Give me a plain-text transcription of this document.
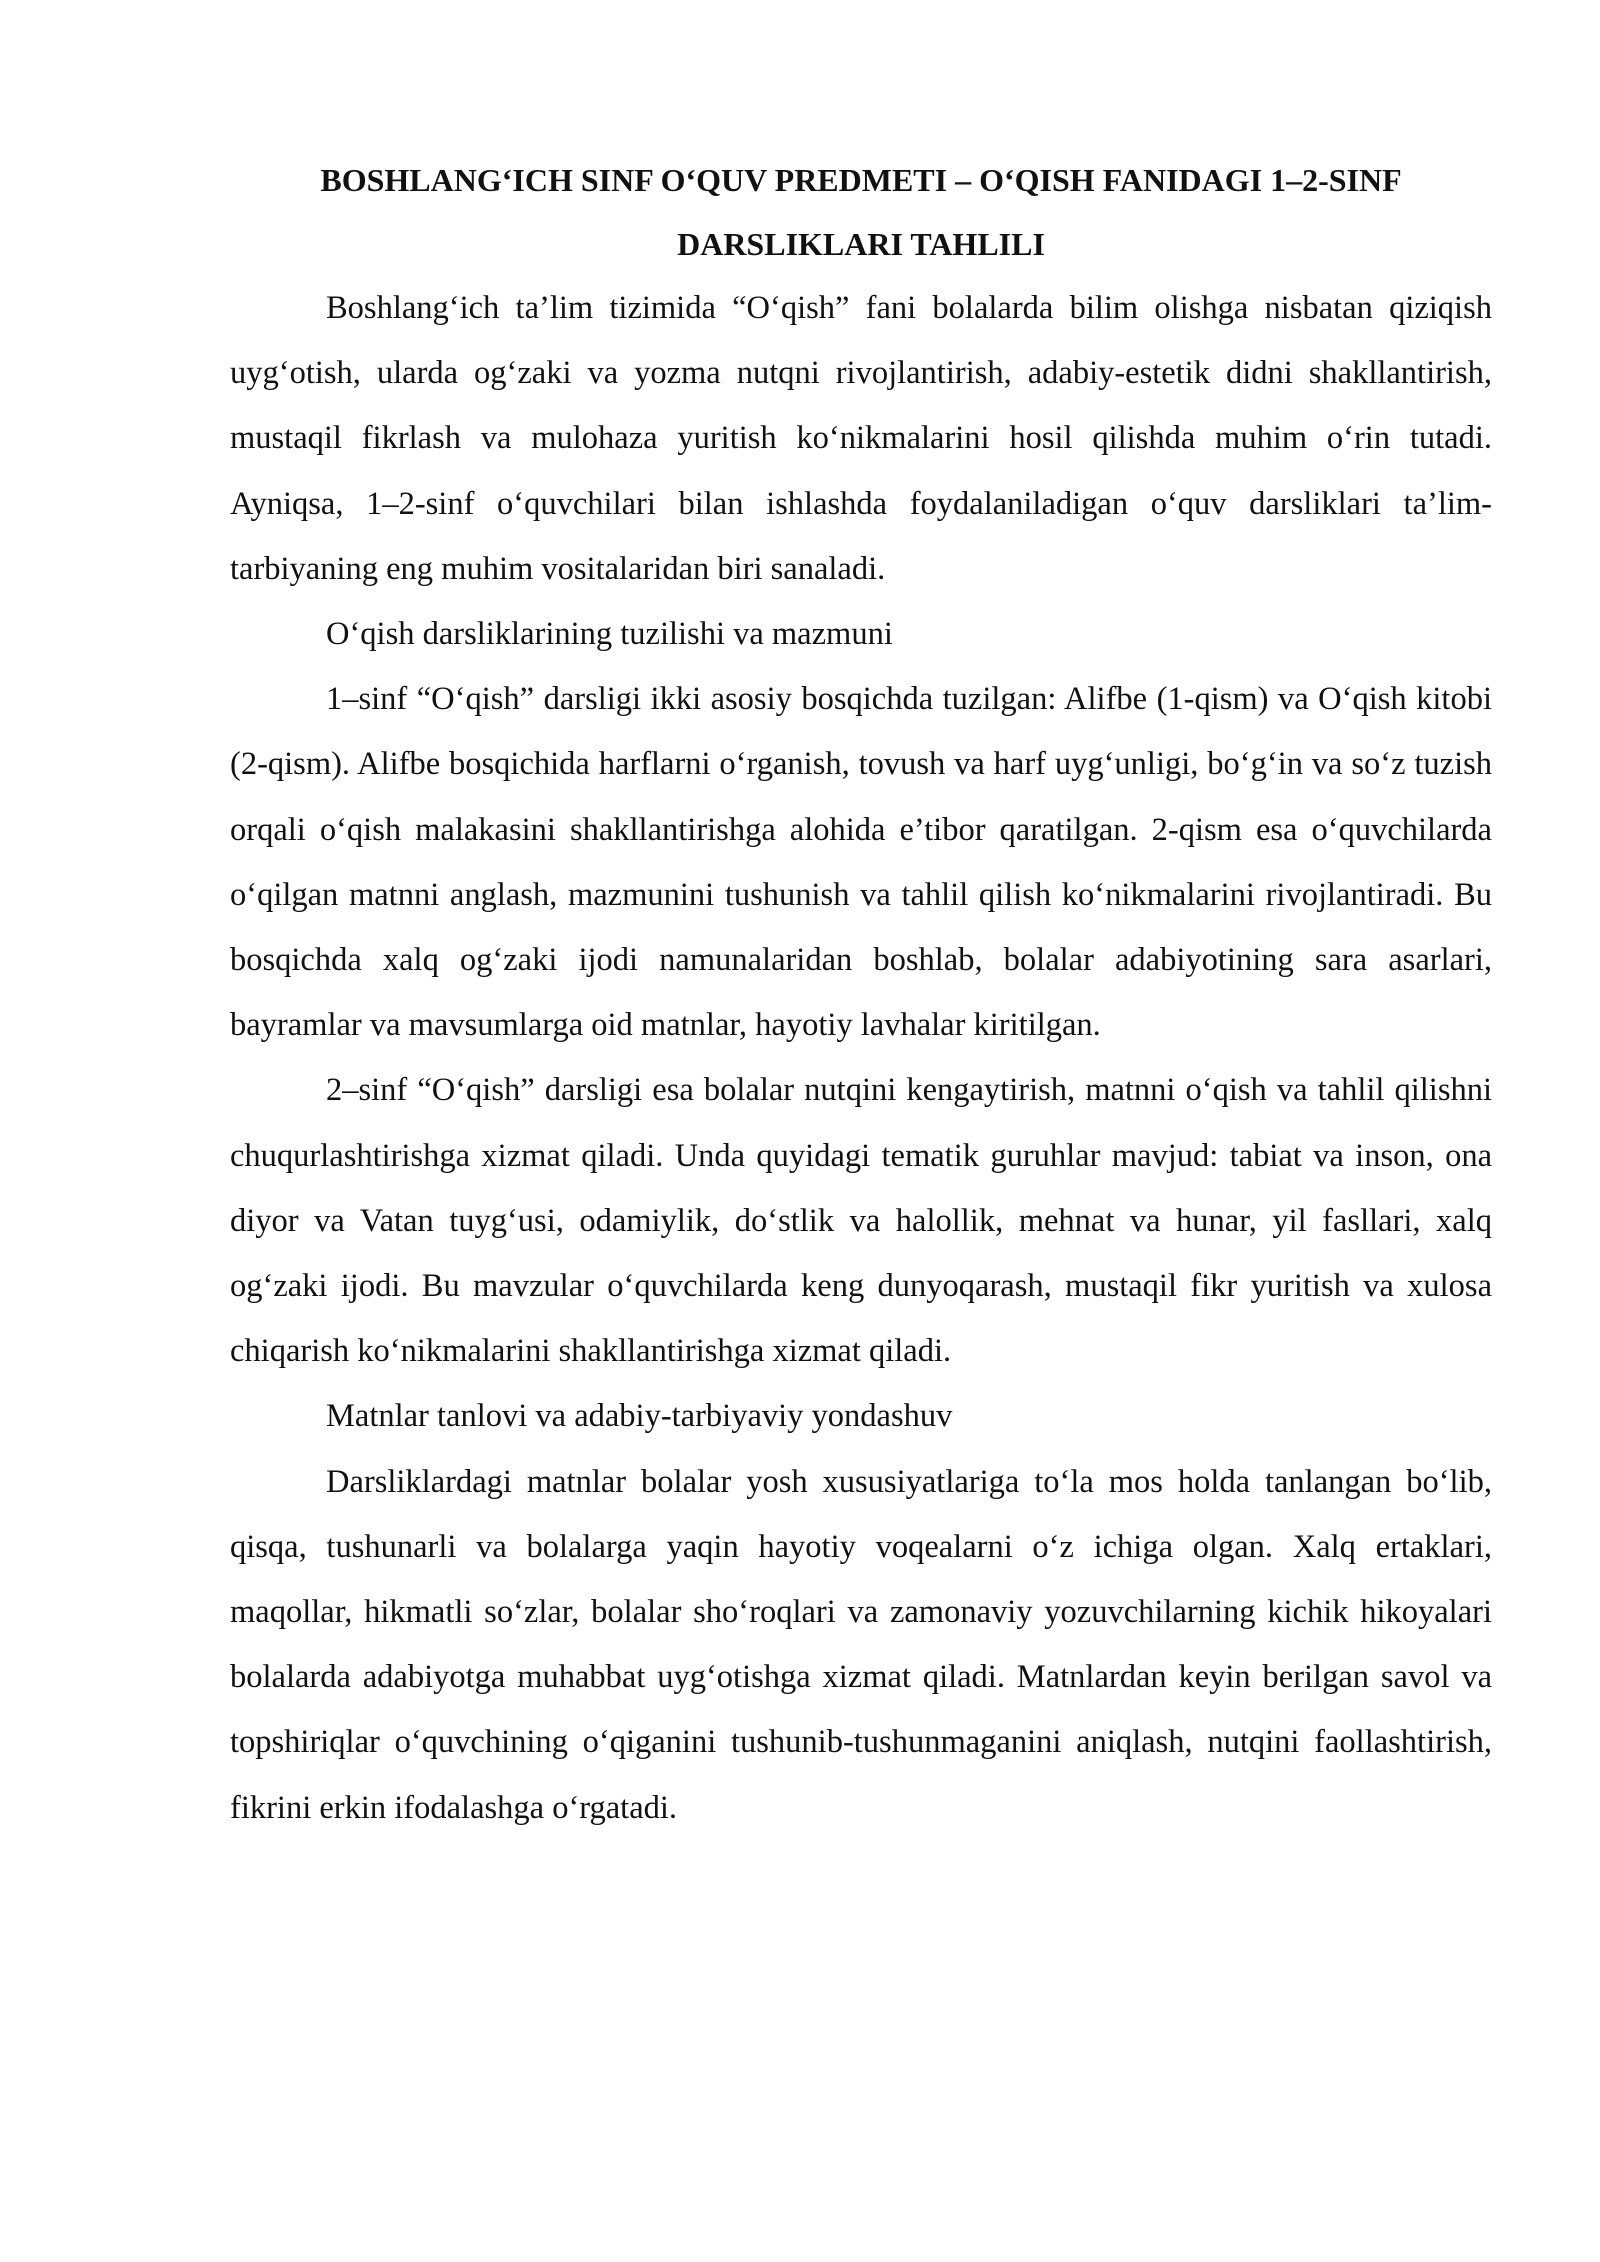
BOSHLANG‘ICH SINF O‘QUV PREDMETI – O‘QISH FANIDAGI 1–2-SINF DARSLIKLARI TAHLILI

Boshlang‘ich ta’lim tizimida “O‘qish” fani bolalarda bilim olishga nisbatan qiziqish uyg‘otish, ularda og‘zaki va yozma nutqni rivojlantirish, adabiy-estetik didni shakllantirish, mustaqil fikrlash va mulohaza yuritish ko‘nikmalarini hosil qilishda muhim o‘rin tutadi. Ayniqsa, 1–2-sinf o‘quvchilari bilan ishlashda foydalaniladigan o‘quv darsliklari ta’lim-tarbiyaning eng muhim vositalaridan biri sanaladi.

O‘qish darsliklarining tuzilishi va mazmuni

1–sinf “O‘qish” darsligi ikki asosiy bosqichda tuzilgan: Alifbe (1-qism) va O‘qish kitobi (2-qism). Alifbe bosqichida harflarni o‘rganish, tovush va harf uyg‘unligi, bo‘g‘in va so‘z tuzish orqali o‘qish malakasini shakllantirishga alohida e’tibor qaratilgan. 2-qism esa o‘quvchilarda o‘qilgan matnni anglash, mazmunini tushunish va tahlil qilish ko‘nikmalarini rivojlantiradi. Bu bosqichda xalq og‘zaki ijodi namunalaridan boshlab, bolalar adabiyotining sara asarlari, bayramlar va mavsumlarga oid matnlar, hayotiy lavhalar kiritilgan.

2–sinf “O‘qish” darsligi esa bolalar nutqini kengaytirish, matnni o‘qish va tahlil qilishni chuqurlashtirishga xizmat qiladi. Unda quyidagi tematik guruhlar mavjud: tabiat va inson, ona diyor va Vatan tuyg‘usi, odamiylik, do‘stlik va halollik, mehnat va hunar, yil fasllari, xalq og‘zaki ijodi. Bu mavzular o‘quvchilarda keng dunyoqarash, mustaqil fikr yuritish va xulosa chiqarish ko‘nikmalarini shakllantirishga xizmat qiladi.

Matnlar tanlovi va adabiy-tarbiyaviy yondashuv

Darsliklardagi matnlar bolalar yosh xususiyatlariga to‘la mos holda tanlangan bo‘lib, qisqa, tushunarli va bolalarga yaqin hayotiy voqealarni o‘z ichiga olgan. Xalq ertaklari, maqollar, hikmatli so‘zlar, bolalar sho‘roqlari va zamonaviy yozuvchilarning kichik hikoyalari bolalarda adabiyotga muhabbat uyg‘otishga xizmat qiladi. Matnlardan keyin berilgan savol va topshiriqlar o‘quvchining o‘qiganini tushunib-tushunmaganini aniqlash, nutqini faollashtirish, fikrini erkin ifodalashga o‘rgatadi.
